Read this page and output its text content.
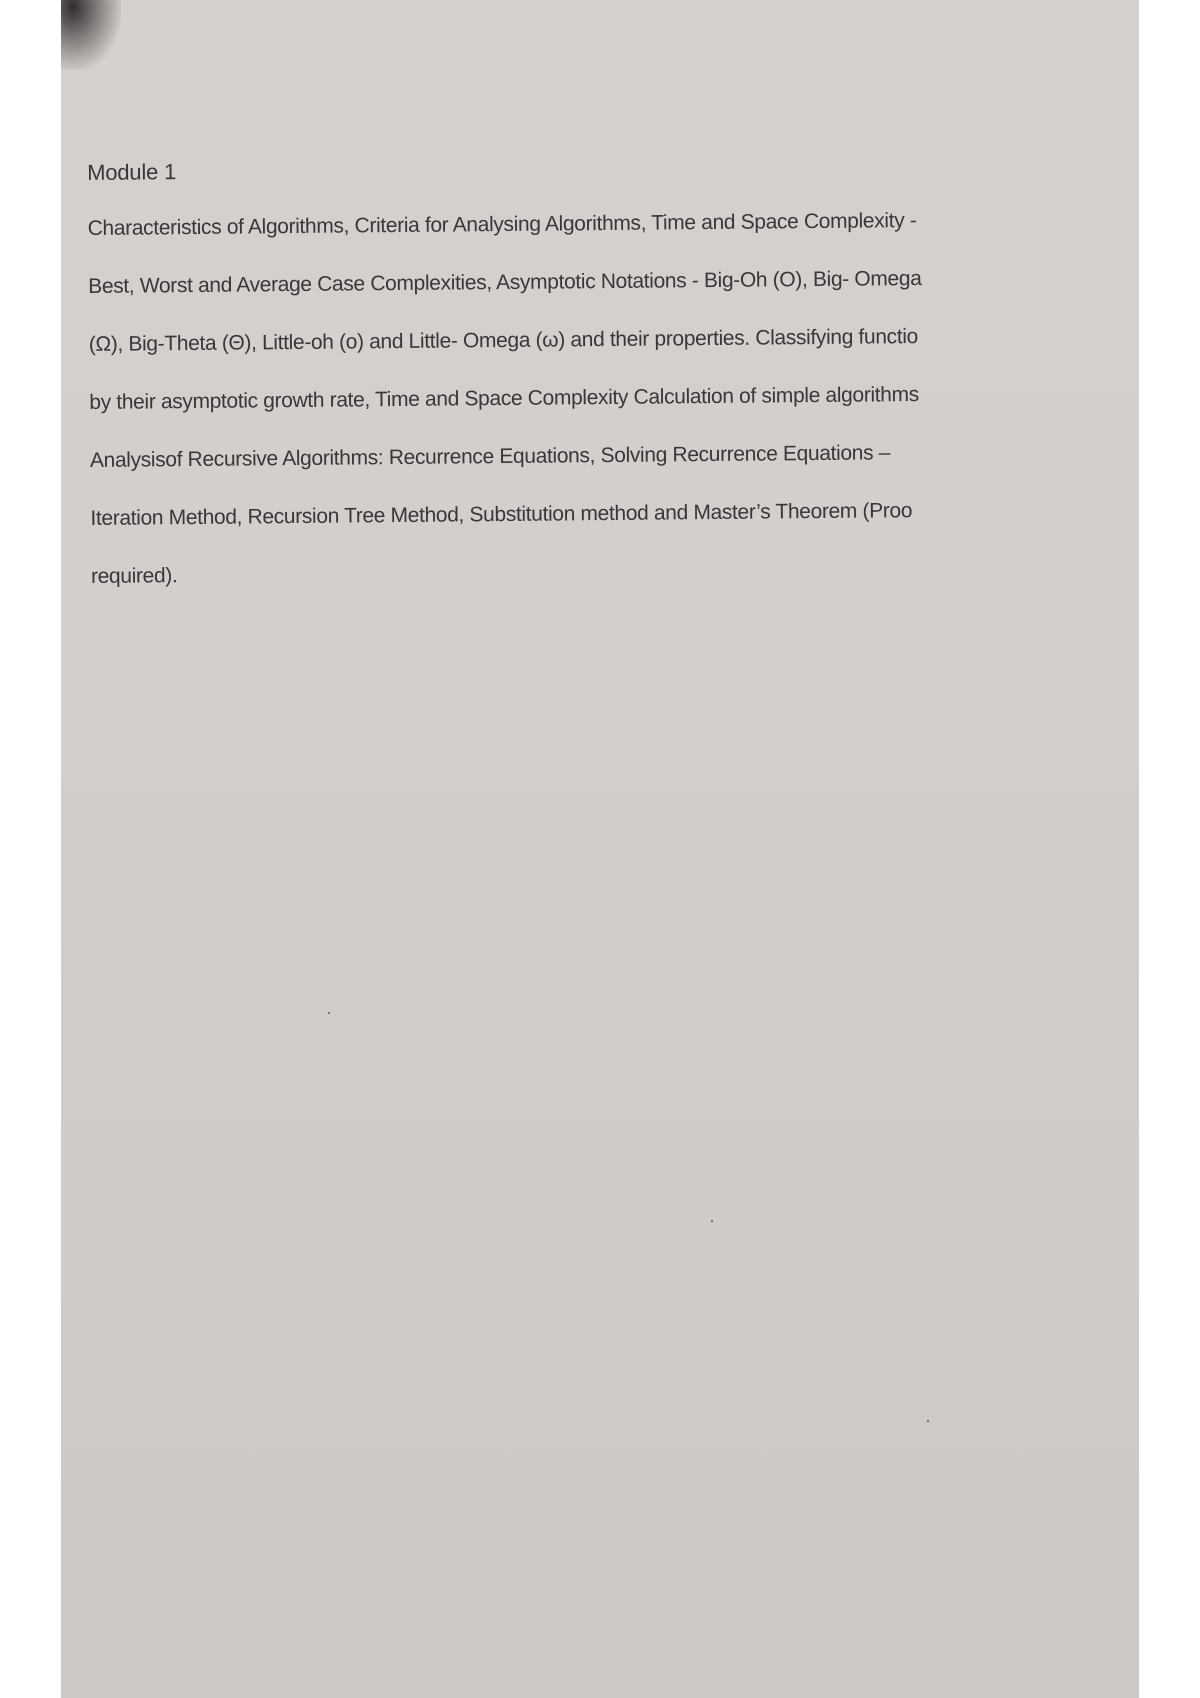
Module 1
Characteristics of Algorithms, Criteria for Analysing Algorithms, Time and Space Complexity -
Best, Worst and Average Case Complexities, Asymptotic Notations - Big-Oh (O), Big- Omega
(Ω), Big-Theta (Θ), Little-oh (o) and Little- Omega (ω) and their properties. Classifying functio
by their asymptotic growth rate, Time and Space Complexity Calculation of simple algorithms
Analysisof Recursive Algorithms: Recurrence Equations, Solving Recurrence Equations –
Iteration Method, Recursion Tree Method, Substitution method and Master’s Theorem (Proo
required).
